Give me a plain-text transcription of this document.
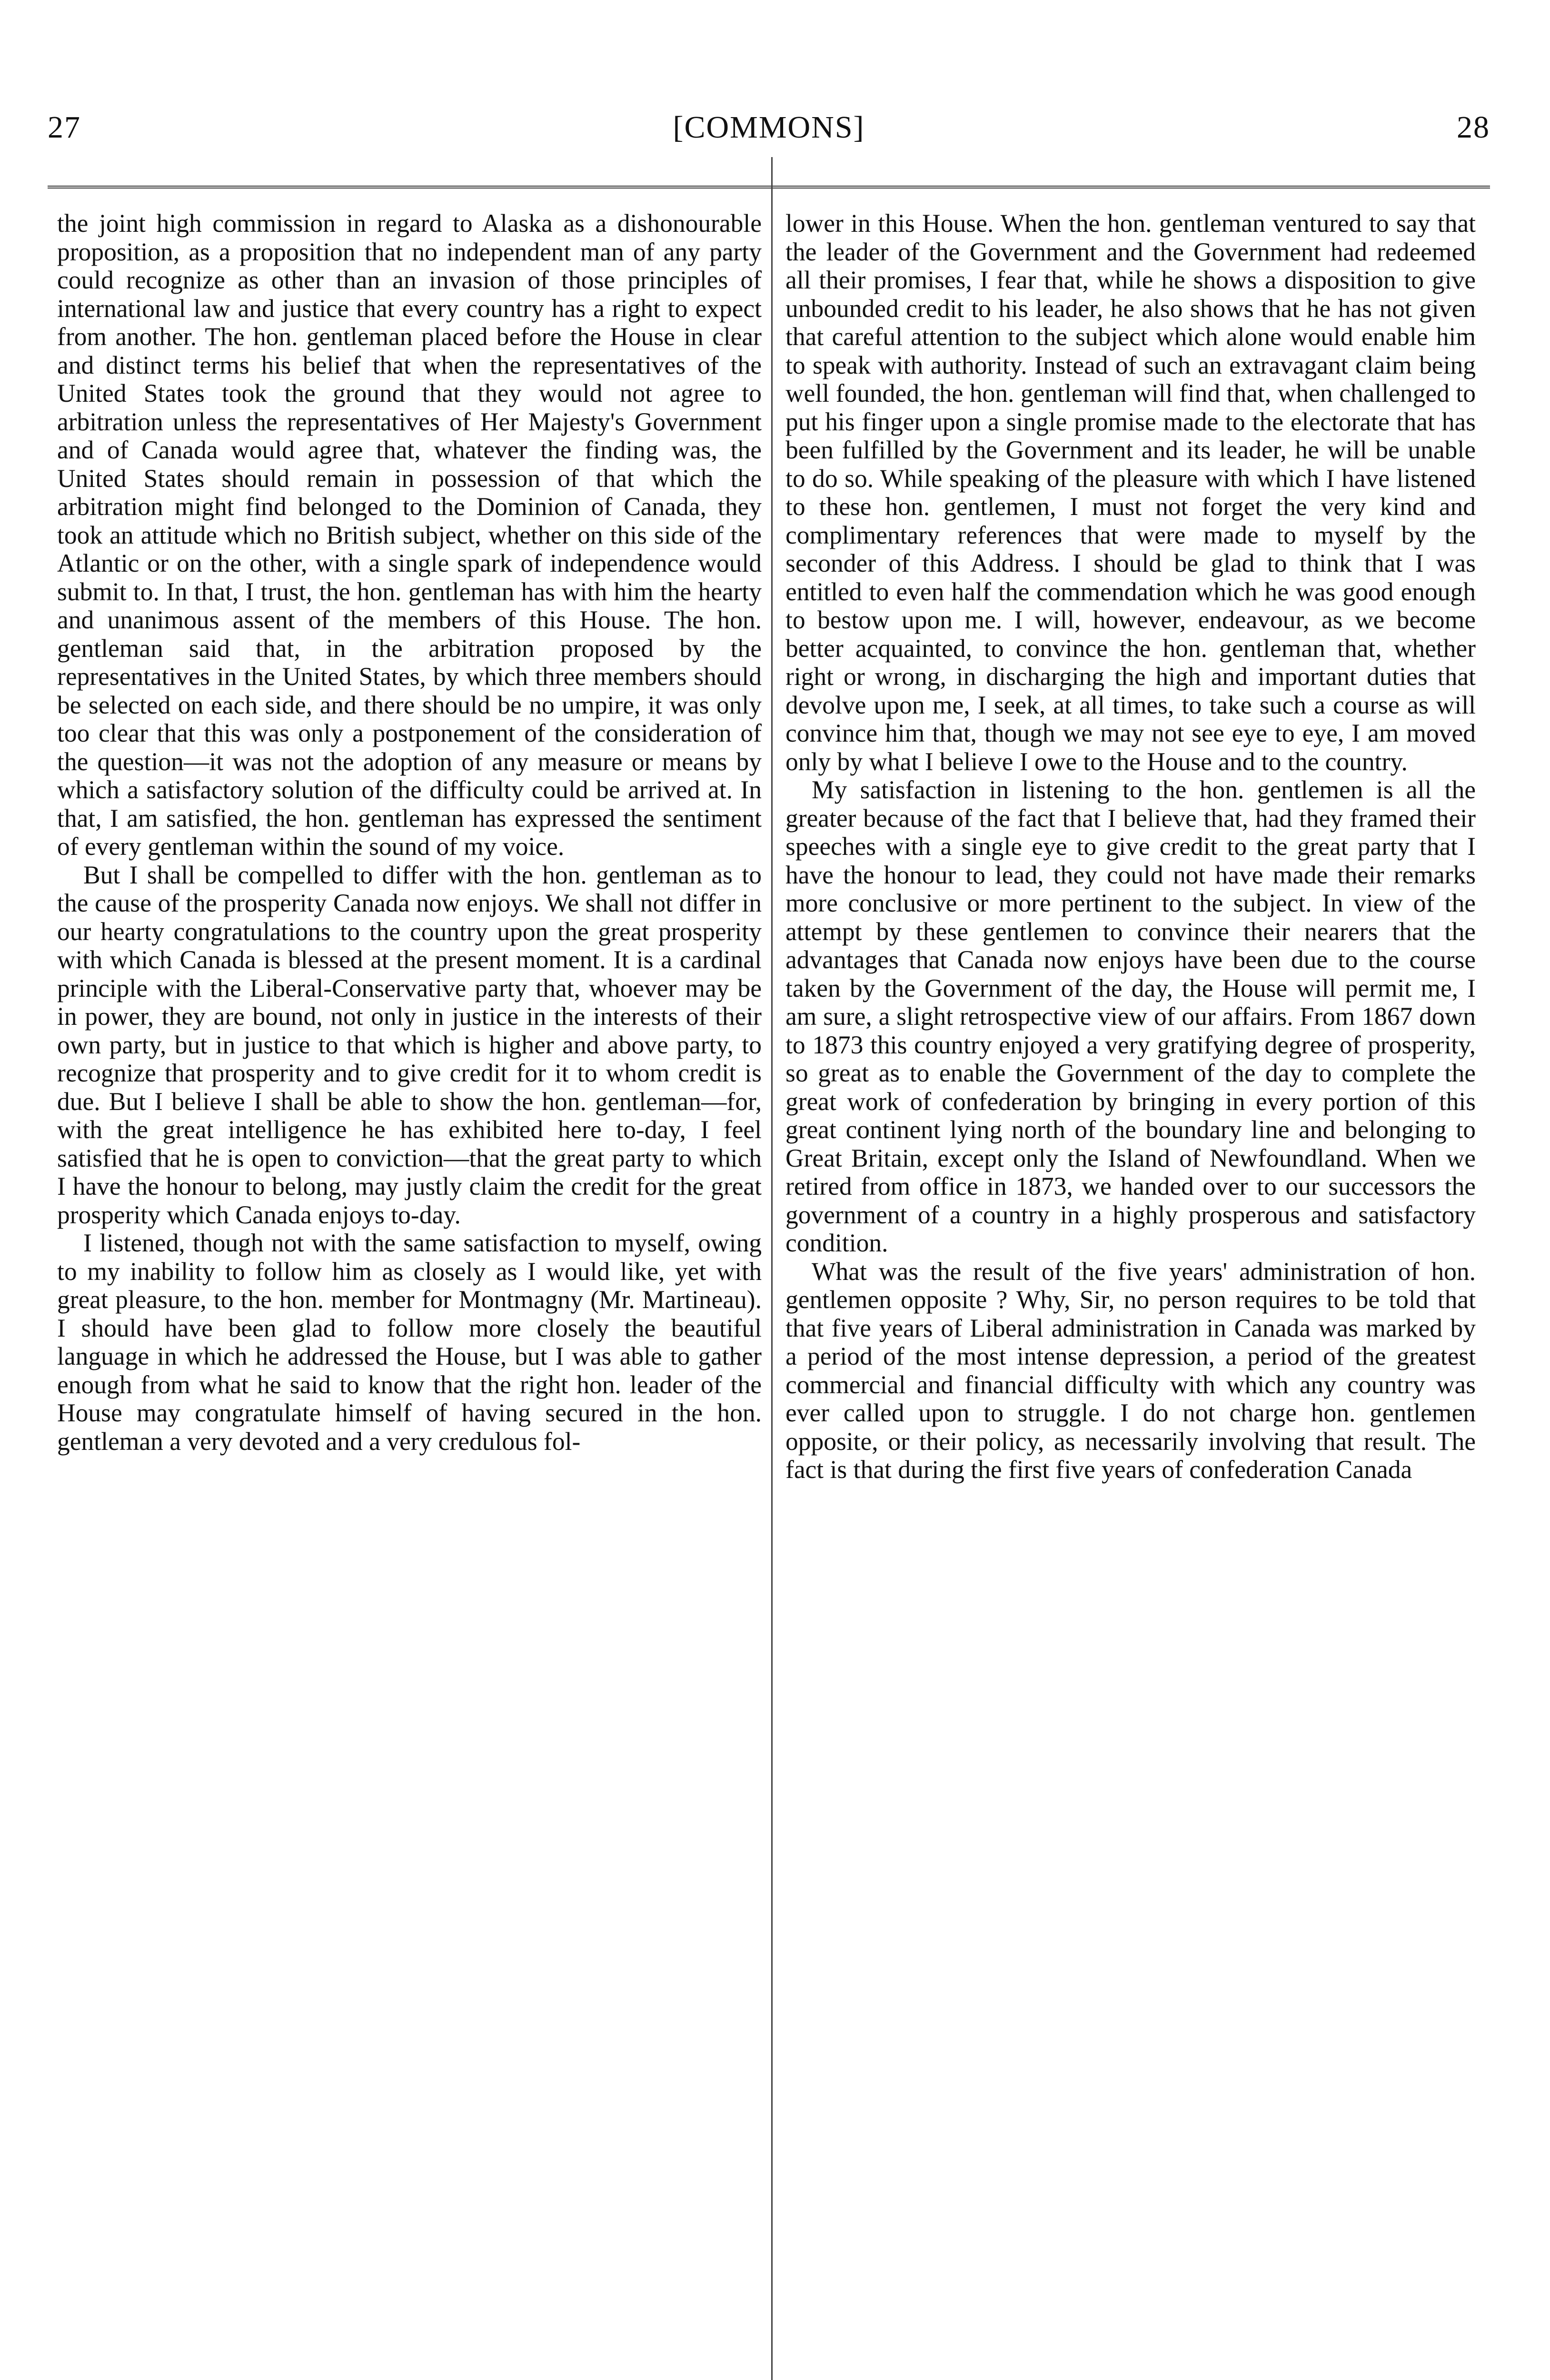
27	[COMMONS]	28

the joint high commission in regard to Alaska as a dishonourable proposition, as a proposition that no independent man of any party could recognize as other than an invasion of those principles of international law and justice that every country has a right to expect from another. The hon. gentleman placed before the House in clear and distinct terms his belief that when the representatives of the United States took the ground that they would not agree to arbitration unless the representatives of Her Majesty's Government and of Canada would agree that, whatever the finding was, the United States should remain in possession of that which the arbitration might find belonged to the Dominion of Canada, they took an attitude which no British subject, whether on this side of the Atlantic or on the other, with a single spark of independence would submit to. In that, I trust, the hon. gentleman has with him the hearty and unanimous assent of the members of this House. The hon. gentleman said that, in the arbitration proposed by the representatives in the United States, by which three members should be selected on each side, and there should be no umpire, it was only too clear that this was only a postponement of the consideration of the question—it was not the adoption of any measure or means by which a satisfactory solution of the difficulty could be arrived at. In that, I am satisfied, the hon. gentleman has expressed the sentiment of every gentleman within the sound of my voice.

But I shall be compelled to differ with the hon. gentleman as to the cause of the prosperity Canada now enjoys. We shall not differ in our hearty congratulations to the country upon the great prosperity with which Canada is blessed at the present moment. It is a cardinal principle with the Liberal-Conservative party that, whoever may be in power, they are bound, not only in justice in the interests of their own party, but in justice to that which is higher and above party, to recognize that prosperity and to give credit for it to whom credit is due. But I believe I shall be able to show the hon. gentleman—for, with the great intelligence he has exhibited here to-day, I feel satisfied that he is open to conviction—that the great party to which I have the honour to belong, may justly claim the credit for the great prosperity which Canada enjoys to-day.

I listened, though not with the same satisfaction to myself, owing to my inability to follow him as closely as I would like, yet with great pleasure, to the hon. member for Montmagny (Mr. Martineau). I should have been glad to follow more closely the beautiful language in which he addressed the House, but I was able to gather enough from what he said to know that the right hon. leader of the House may congratulate himself of having secured in the hon. gentleman a very devoted and a very credulous fol-

lower in this House. When the hon. gentleman ventured to say that the leader of the Government and the Government had redeemed all their promises, I fear that, while he shows a disposition to give unbounded credit to his leader, he also shows that he has not given that careful attention to the subject which alone would enable him to speak with authority. Instead of such an extravagant claim being well founded, the hon. gentleman will find that, when challenged to put his finger upon a single promise made to the electorate that has been fulfilled by the Government and its leader, he will be unable to do so. While speaking of the pleasure with which I have listened to these hon. gentlemen, I must not forget the very kind and complimentary references that were made to myself by the seconder of this Address. I should be glad to think that I was entitled to even half the commendation which he was good enough to bestow upon me. I will, however, endeavour, as we become better acquainted, to convince the hon. gentleman that, whether right or wrong, in discharging the high and important duties that devolve upon me, I seek, at all times, to take such a course as will convince him that, though we may not see eye to eye, I am moved only by what I believe I owe to the House and to the country.

My satisfaction in listening to the hon. gentlemen is all the greater because of the fact that I believe that, had they framed their speeches with a single eye to give credit to the great party that I have the honour to lead, they could not have made their remarks more conclusive or more pertinent to the subject. In view of the attempt by these gentlemen to convince their nearers that the advantages that Canada now enjoys have been due to the course taken by the Government of the day, the House will permit me, I am sure, a slight retrospective view of our affairs. From 1867 down to 1873 this country enjoyed a very gratifying degree of prosperity, so great as to enable the Government of the day to complete the great work of confederation by bringing in every portion of this great continent lying north of the boundary line and belonging to Great Britain, except only the Island of Newfoundland. When we retired from office in 1873, we handed over to our successors the government of a country in a highly prosperous and satisfactory condition.

What was the result of the five years' administration of hon. gentlemen opposite ? Why, Sir, no person requires to be told that that five years of Liberal administration in Canada was marked by a period of the most intense depression, a period of the greatest commercial and financial difficulty with which any country was ever called upon to struggle. I do not charge hon. gentlemen opposite, or their policy, as necessarily involving that result. The fact is that during the first five years of confederation Canada
